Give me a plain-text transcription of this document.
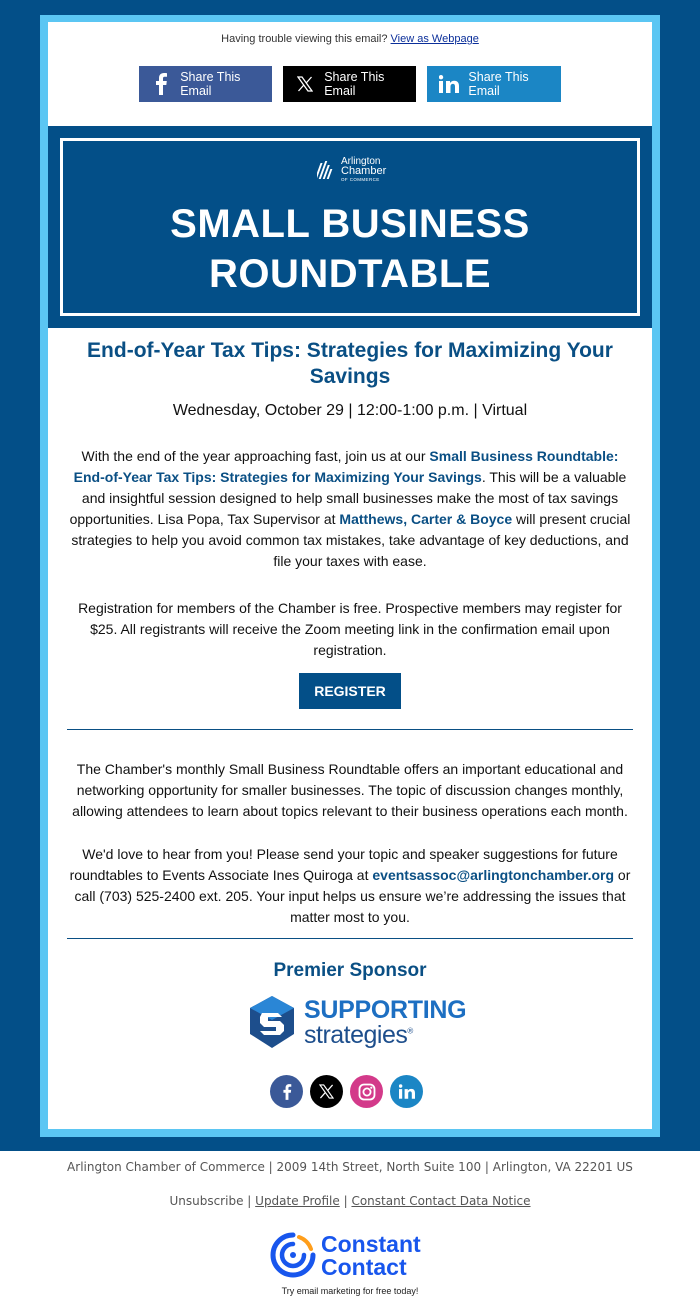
Having trouble viewing this email? View as Webpage
Share This Email
Share This Email
Share This Email
Arlington
Chamber
OF COMMERCE
SMALL BUSINESS
ROUNDTABLE
End-of-Year Tax Tips: Strategies for Maximizing Your Savings
Wednesday, October 29 | 12:00-1:00 p.m. | Virtual
With the end of the year approaching fast, join us at our Small Business Roundtable: End-of-Year Tax Tips: Strategies for Maximizing Your Savings. This will be a valuable and insightful session designed to help small businesses make the most of tax savings opportunities. Lisa Popa, Tax Supervisor at Matthews, Carter & Boyce will present crucial strategies to help you avoid common tax mistakes, take advantage of key deductions, and file your taxes with ease.
Registration for members of the Chamber is free. Prospective members may register for $25. All registrants will receive the Zoom meeting link in the confirmation email upon registration.
REGISTER
The Chamber's monthly Small Business Roundtable offers an important educational and networking opportunity for smaller businesses. The topic of discussion changes monthly, allowing attendees to learn about topics relevant to their business operations each month.
We'd love to hear from you! Please send your topic and speaker suggestions for future roundtables to Events Associate Ines Quiroga at eventsassoc@arlingtonchamber.org or call (703) 525-2400 ext. 205. Your input helps us ensure we’re addressing the issues that matter most to you.
Premier Sponsor
SUPPORTING
strategies®
Arlington Chamber of Commerce | 2009 14th Street, North Suite 100 | Arlington, VA 22201 US
Unsubscribe | Update Profile | Constant Contact Data Notice
Constant
Contact
Try email marketing for free today!
